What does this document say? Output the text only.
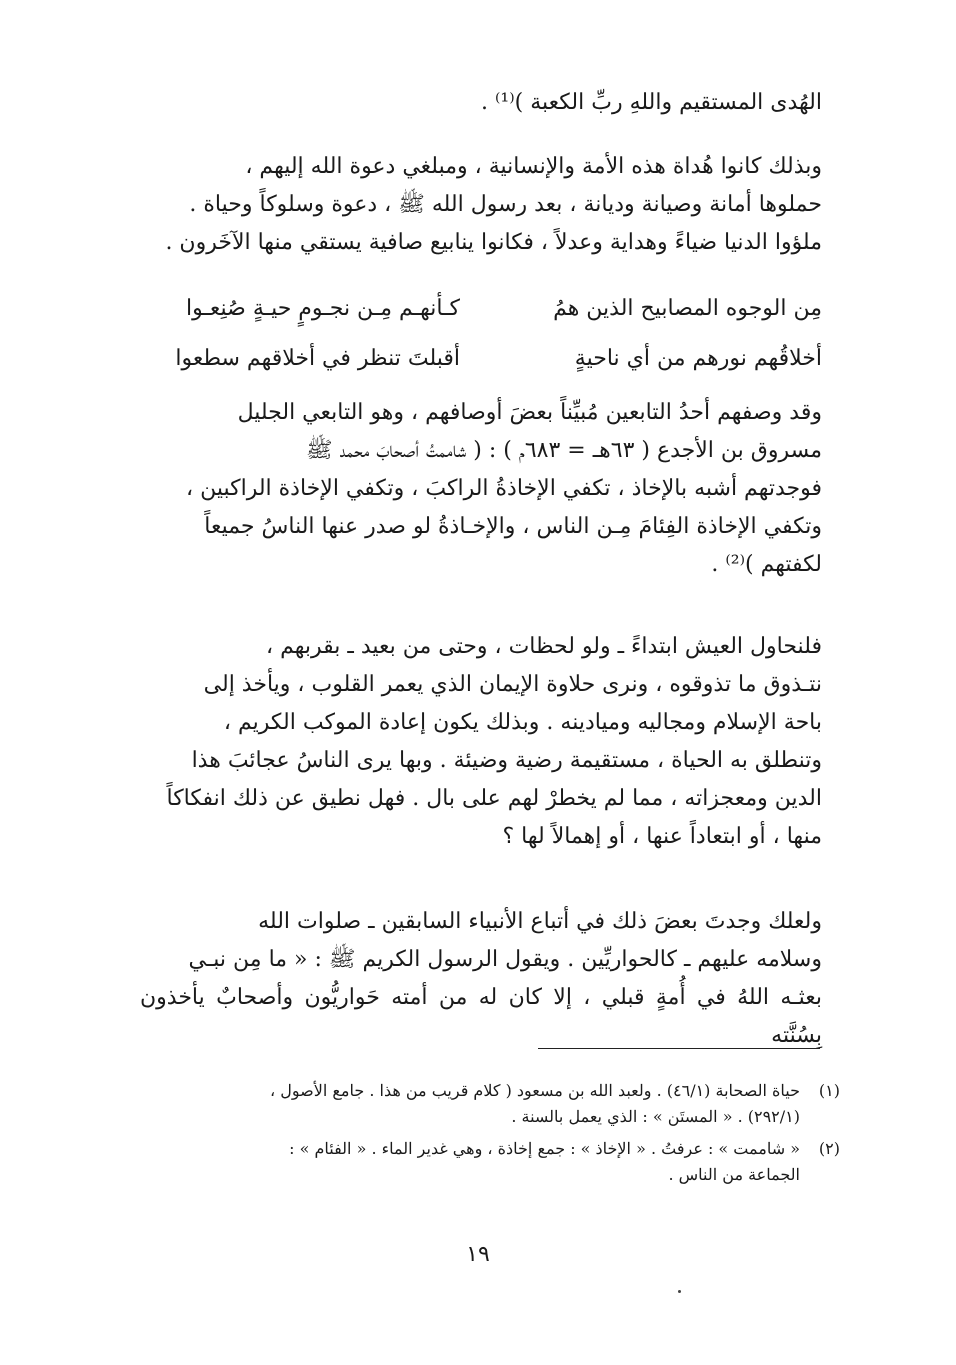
الهُدى المستقيم واللهِ ربِّ الكعبة )⁽¹⁾ .

وبذلك كانوا هُداة هذه الأمة والإنسانية ، ومبلغي دعوة الله إليهم ،
حملوها أمانة وصيانة وديانة ، بعد رسول الله ﷺ ، دعوة وسلوكاً وحياة .
ملؤوا الدنيا ضياءً وهداية وعدلاً ، فكانوا ينابيع صافية يستقي منها الآخَرون .
مِن الوجوه المصابيح الذين همُ
كـأنهـم مِـن نجـومٍ حيـةٍ صُنِعـوا
أخلاقُهم نورهم من أي ناحيةٍ
أقبلتَ تنظر في أخلاقهم سطعوا
وقد وصفهم أحدُ التابعين مُبيِّناً بعضَ أوصافهم ، وهو التابعي الجليل
مسروق بن الأجدع ( ٦٣هـ = ٦٨٣م ) : ( شاممتُ أصحابَ محمد ﷺ
فوجدتهم أشبه بالإخاذ ، تكفي الإخاذةُ الراكبَ ، وتكفي الإخاذة الراكبين ،
وتكفي الإخاذة الفِئامَ مِـن الناس ، والإخـاذةُ لو صدر عنها الناسُ جميعاً
لكفتهم )⁽²⁾ .
فلنحاول العيش ابتداءً ـ ولو لحظات ، وحتى من بعيد ـ بقربهم ،
نتـذوق ما تذوقوه ، ونرى حلاوة الإيمان الذي يعمر القلوب ، ويأخذ إلى
باحة الإسلام ومجاليه وميادينه . وبذلك يكون إعادة الموكب الكريم ،
وتنطلق به الحياة ، مستقيمة رضية وضيئة . وبها يرى الناسُ عجائبَ هذا
الدين ومعجزاته ، مما لم يخطرْ لهم على بال . فهل نطيق عن ذلك انفكاكاً
منها ، أو ابتعاداً عنها ، أو إهمالاً لها ؟
ولعلك وجدتَ بعضَ ذلك في أتباع الأنبياء السابقين ـ صلوات الله
وسلامه عليهم ـ كالحواريِّين . ويقول الرسول الكريم ﷺ : « ما مِن نبـي
بعثـه اللهُ في أُمةٍ قبلي ، إلا كان له من أمته حَواريُّون وأصحابٌ يأخذون بِسُنَّته
(١)
حياة الصحابة (٤٦/١) . ولعبد الله بن مسعود ( كلام قريب من هذا . جامع الأصول ،
(٢٩٢/١) . « المستَن » : الذي يعمل بالسنة .
(٢)
« شاممت » : عرفتُ . « الإخاذ » : جمع إخاذة ، وهي غدير الماء . « الفئام » :
الجماعة من الناس .
١٩
